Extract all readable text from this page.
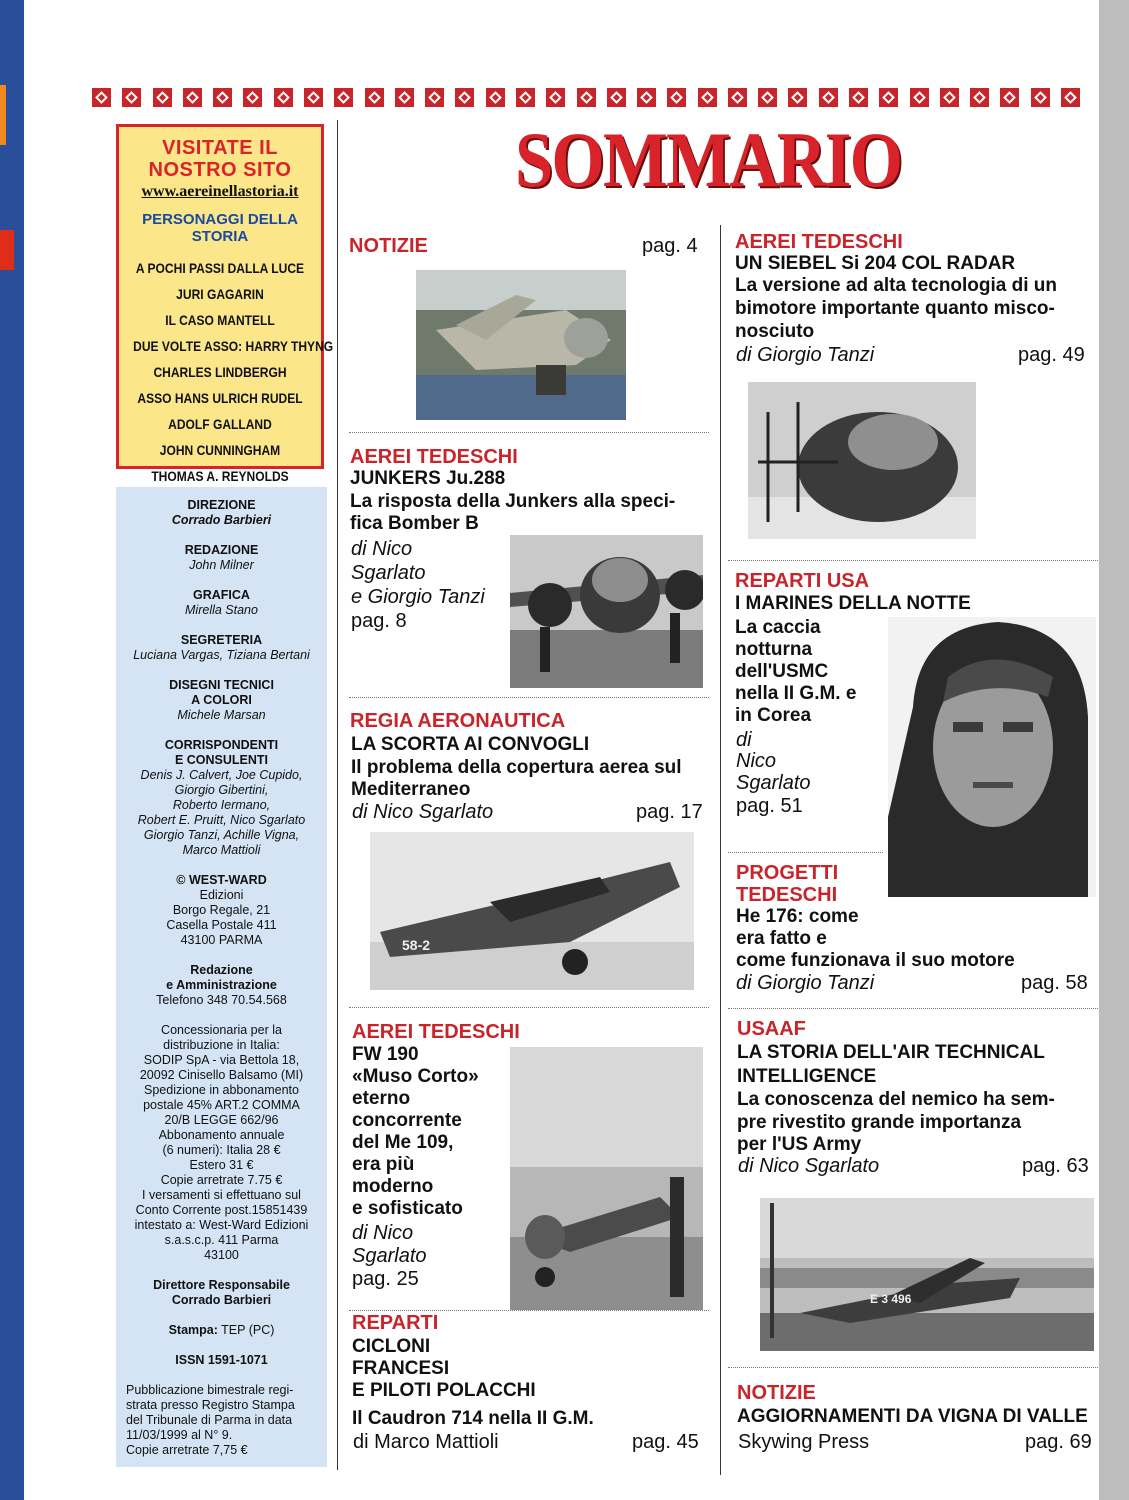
VISITATE IL
NOSTRO SITO
www.aereinellastoria.it
PERSONAGGI DELLA STORIA
A POCHI PASSI DALLA LUCE
JURI GAGARIN
IL CASO MANTELL
DUE VOLTE ASSO: HARRY THYNG
CHARLES LINDBERGH
ASSO HANS ULRICH RUDEL
ADOLF GALLAND
JOHN CUNNINGHAM
THOMAS A. REYNOLDS
DIREZIONE
Corrado Barbieri
REDAZIONE
John Milner
GRAFICA
Mirella Stano
SEGRETERIA
Luciana Vargas, Tiziana Bertani
DISEGNI TECNICI
A COLORI
Michele Marsan
CORRISPONDENTI
E CONSULENTI
Denis J. Calvert, Joe Cupido,
Giorgio Gibertini,
Roberto Iermano,
Robert E. Pruitt, Nico Sgarlato
Giorgio Tanzi, Achille Vigna,
Marco Mattioli
© WEST-WARD
Edizioni
Borgo Regale, 21
Casella Postale 411
43100 PARMA
Redazione
e Amministrazione
Telefono 348 70.54.568
Concessionaria per la
distribuzione in Italia:
SODIP SpA - via Bettola 18,
20092 Cinisello Balsamo (MI)
Spedizione in abbonamento
postale 45% ART.2 COMMA
20/B LEGGE 662/96
Abbonamento annuale
(6 numeri): Italia 28 €
Estero 31 €
Copie arretrate 7.75 €
I versamenti si effettuano sul
Conto Corrente post.15851439
intestato a: West-Ward Edizioni
s.a.s.c.p. 411 Parma
43100
Direttore Responsabile
Corrado Barbieri
Stampa: TEP (PC)
ISSN 1591-1071
Pubblicazione bimestrale regi-
strata presso Registro Stampa
del Tribunale di Parma in data
11/03/1999 al N° 9.
Copie arretrate 7,75 €
SOMMARIO
NOTIZIE	pag. 4
AEREI TEDESCHI
JUNKERS Ju.288
La risposta della Junkers alla speci-
fica Bomber B
di Nico
Sgarlato
e Giorgio Tanzi
pag. 8
REGIA AERONAUTICA
LA SCORTA AI CONVOGLI
Il problema della copertura aerea sul
Mediterraneo
di Nico Sgarlato	pag. 17
58-2
AEREI TEDESCHI
FW 190
«Muso Corto»
eterno
concorrente
del Me 109,
era più
moderno
e sofisticato
di Nico
Sgarlato
pag. 25
REPARTI
CICLONI
FRANCESI
E PILOTI POLACCHI
Il Caudron 714 nella II G.M.
di Marco Mattioli	pag. 45
AEREI TEDESCHI
UN SIEBEL Si 204 COL RADAR
La versione ad alta tecnologia di un
bimotore importante quanto misco-
nosciuto
di Giorgio Tanzi	pag. 49
REPARTI USA
I MARINES DELLA NOTTE
La caccia
notturna
dell'USMC
nella II G.M. e
in Corea
di
Nico
Sgarlato
pag. 51
PROGETTI
TEDESCHI
He 176: come
era fatto e
come funzionava il suo motore
di Giorgio Tanzi	pag. 58
USAAF
LA STORIA DELL'AIR TECHNICAL
INTELLIGENCE
La conoscenza del nemico ha sem-
pre rivestito grande importanza
per l'US Army
di Nico Sgarlato	pag. 63
E 3 496
NOTIZIE
AGGIORNAMENTI DA VIGNA DI VALLE
Skywing Press	pag. 69
